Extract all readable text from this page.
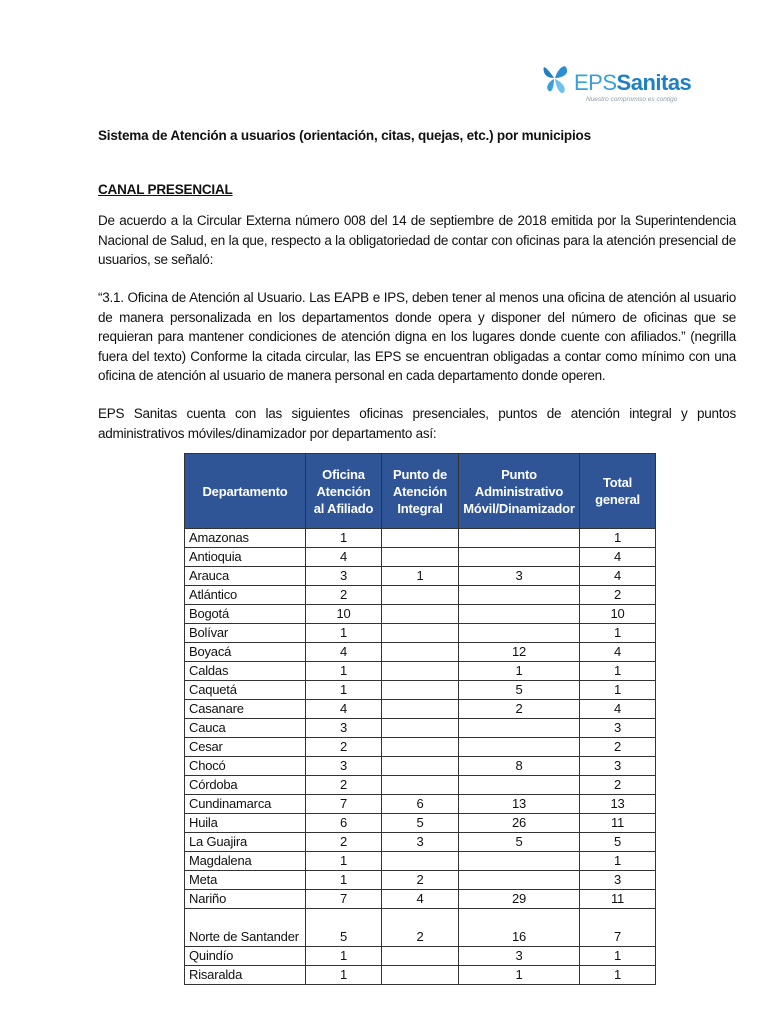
EPSSanitas
Nuestro compromiso es contigo
Sistema de Atención a usuarios (orientación, citas, quejas, etc.) por municipios
CANAL PRESENCIAL
De acuerdo a la Circular Externa número 008 del 14 de septiembre de 2018 emitida por la Superintendencia Nacional de Salud, en la que, respecto a la obligatoriedad de contar con oficinas para la atención presencial de usuarios, se señaló:
“3.1. Oficina de Atención al Usuario. Las EAPB e IPS, deben tener al menos una oficina de atención al usuario de manera personalizada en los departamentos donde opera y disponer del número de oficinas que se requieran para mantener condiciones de atención digna en los lugares donde cuente con afiliados.” (negrilla fuera del texto) Conforme la citada circular, las EPS se encuentran obligadas a contar como mínimo con una oficina de atención al usuario de manera personal en cada departamento donde operen.
EPS Sanitas cuenta con las siguientes oficinas presenciales, puntos de atención integral y puntos administrativos móviles/dinamizador por departamento así:
Departamento	Oficina Atención al Afiliado	Punto de Atención Integral	Punto Administrativo Móvil/Dinamizador	Total general
Amazonas	1			1
Antioquia	4			4
Arauca	3	1	3	4
Atlántico	2			2
Bogotá	10			10
Bolívar	1			1
Boyacá	4		12	4
Caldas	1		1	1
Caquetá	1		5	1
Casanare	4		2	4
Cauca	3			3
Cesar	2			2
Chocó	3		8	3
Córdoba	2			2
Cundinamarca	7	6	13	13
Huila	6	5	26	11
La Guajira	2	3	5	5
Magdalena	1			1
Meta	1	2		3
Nariño	7	4	29	11
Norte de Santander	5	2	16	7
Quindío	1		3	1
Risaralda	1		1	1
